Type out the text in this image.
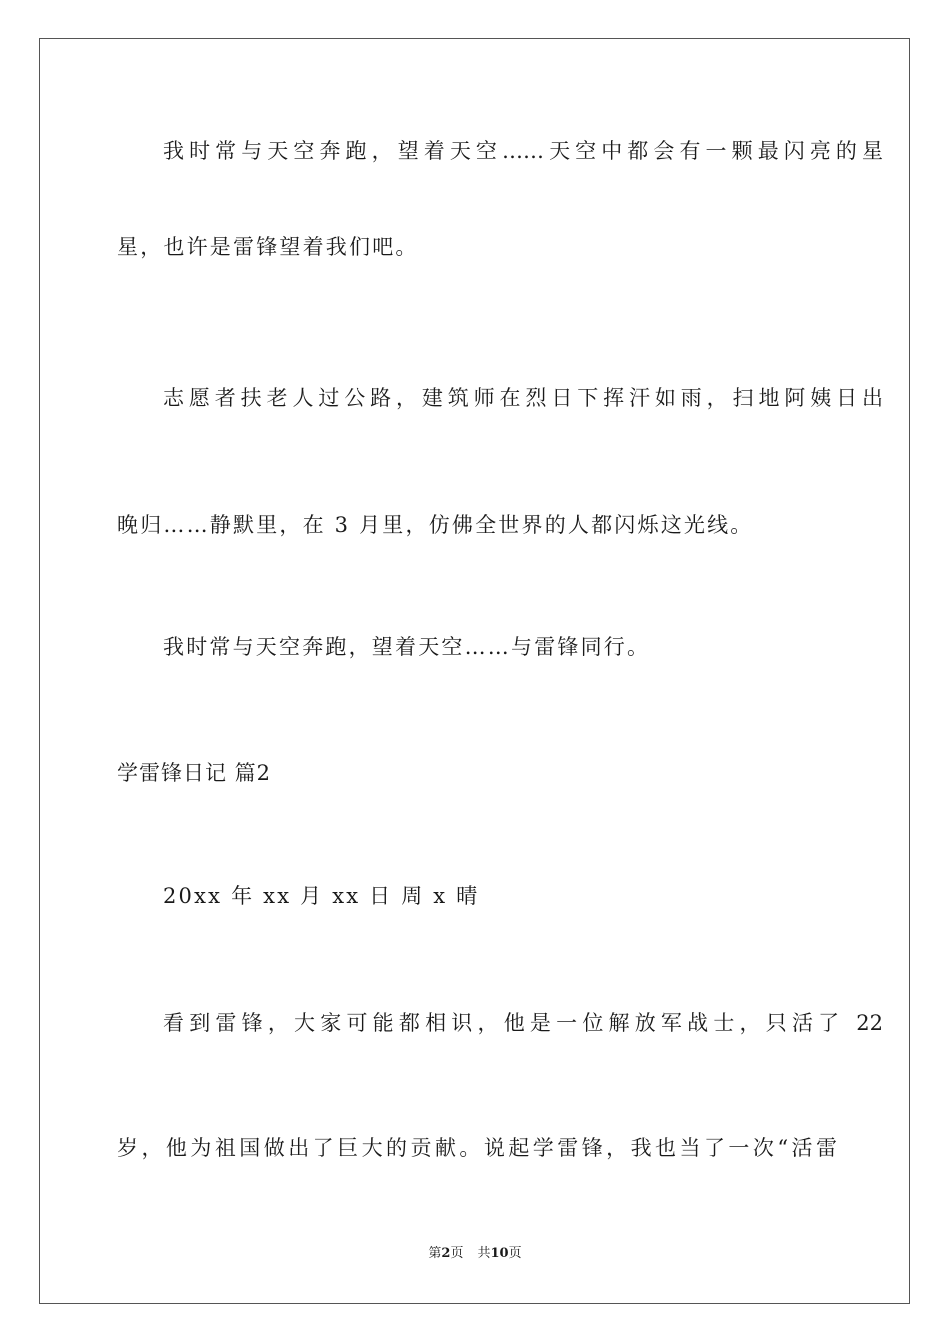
我时常与天空奔跑，望着天空……天空中都会有一颗最闪亮的星

星，也许是雷锋望着我们吧。

志愿者扶老人过公路，建筑师在烈日下挥汗如雨，扫地阿姨日出

晚归……静默里，在 3 月里，仿佛全世界的人都闪烁这光线。

我时常与天空奔跑，望着天空……与雷锋同行。

学雷锋日记 篇2

20xx 年 xx 月 xx 日 周 x 晴

看到雷锋，大家可能都相识，他是一位解放军战士，只活了 22

岁，他为祖国做出了巨大的贡献。说起学雷锋，我也当了一次“活雷

第2页 共10页
